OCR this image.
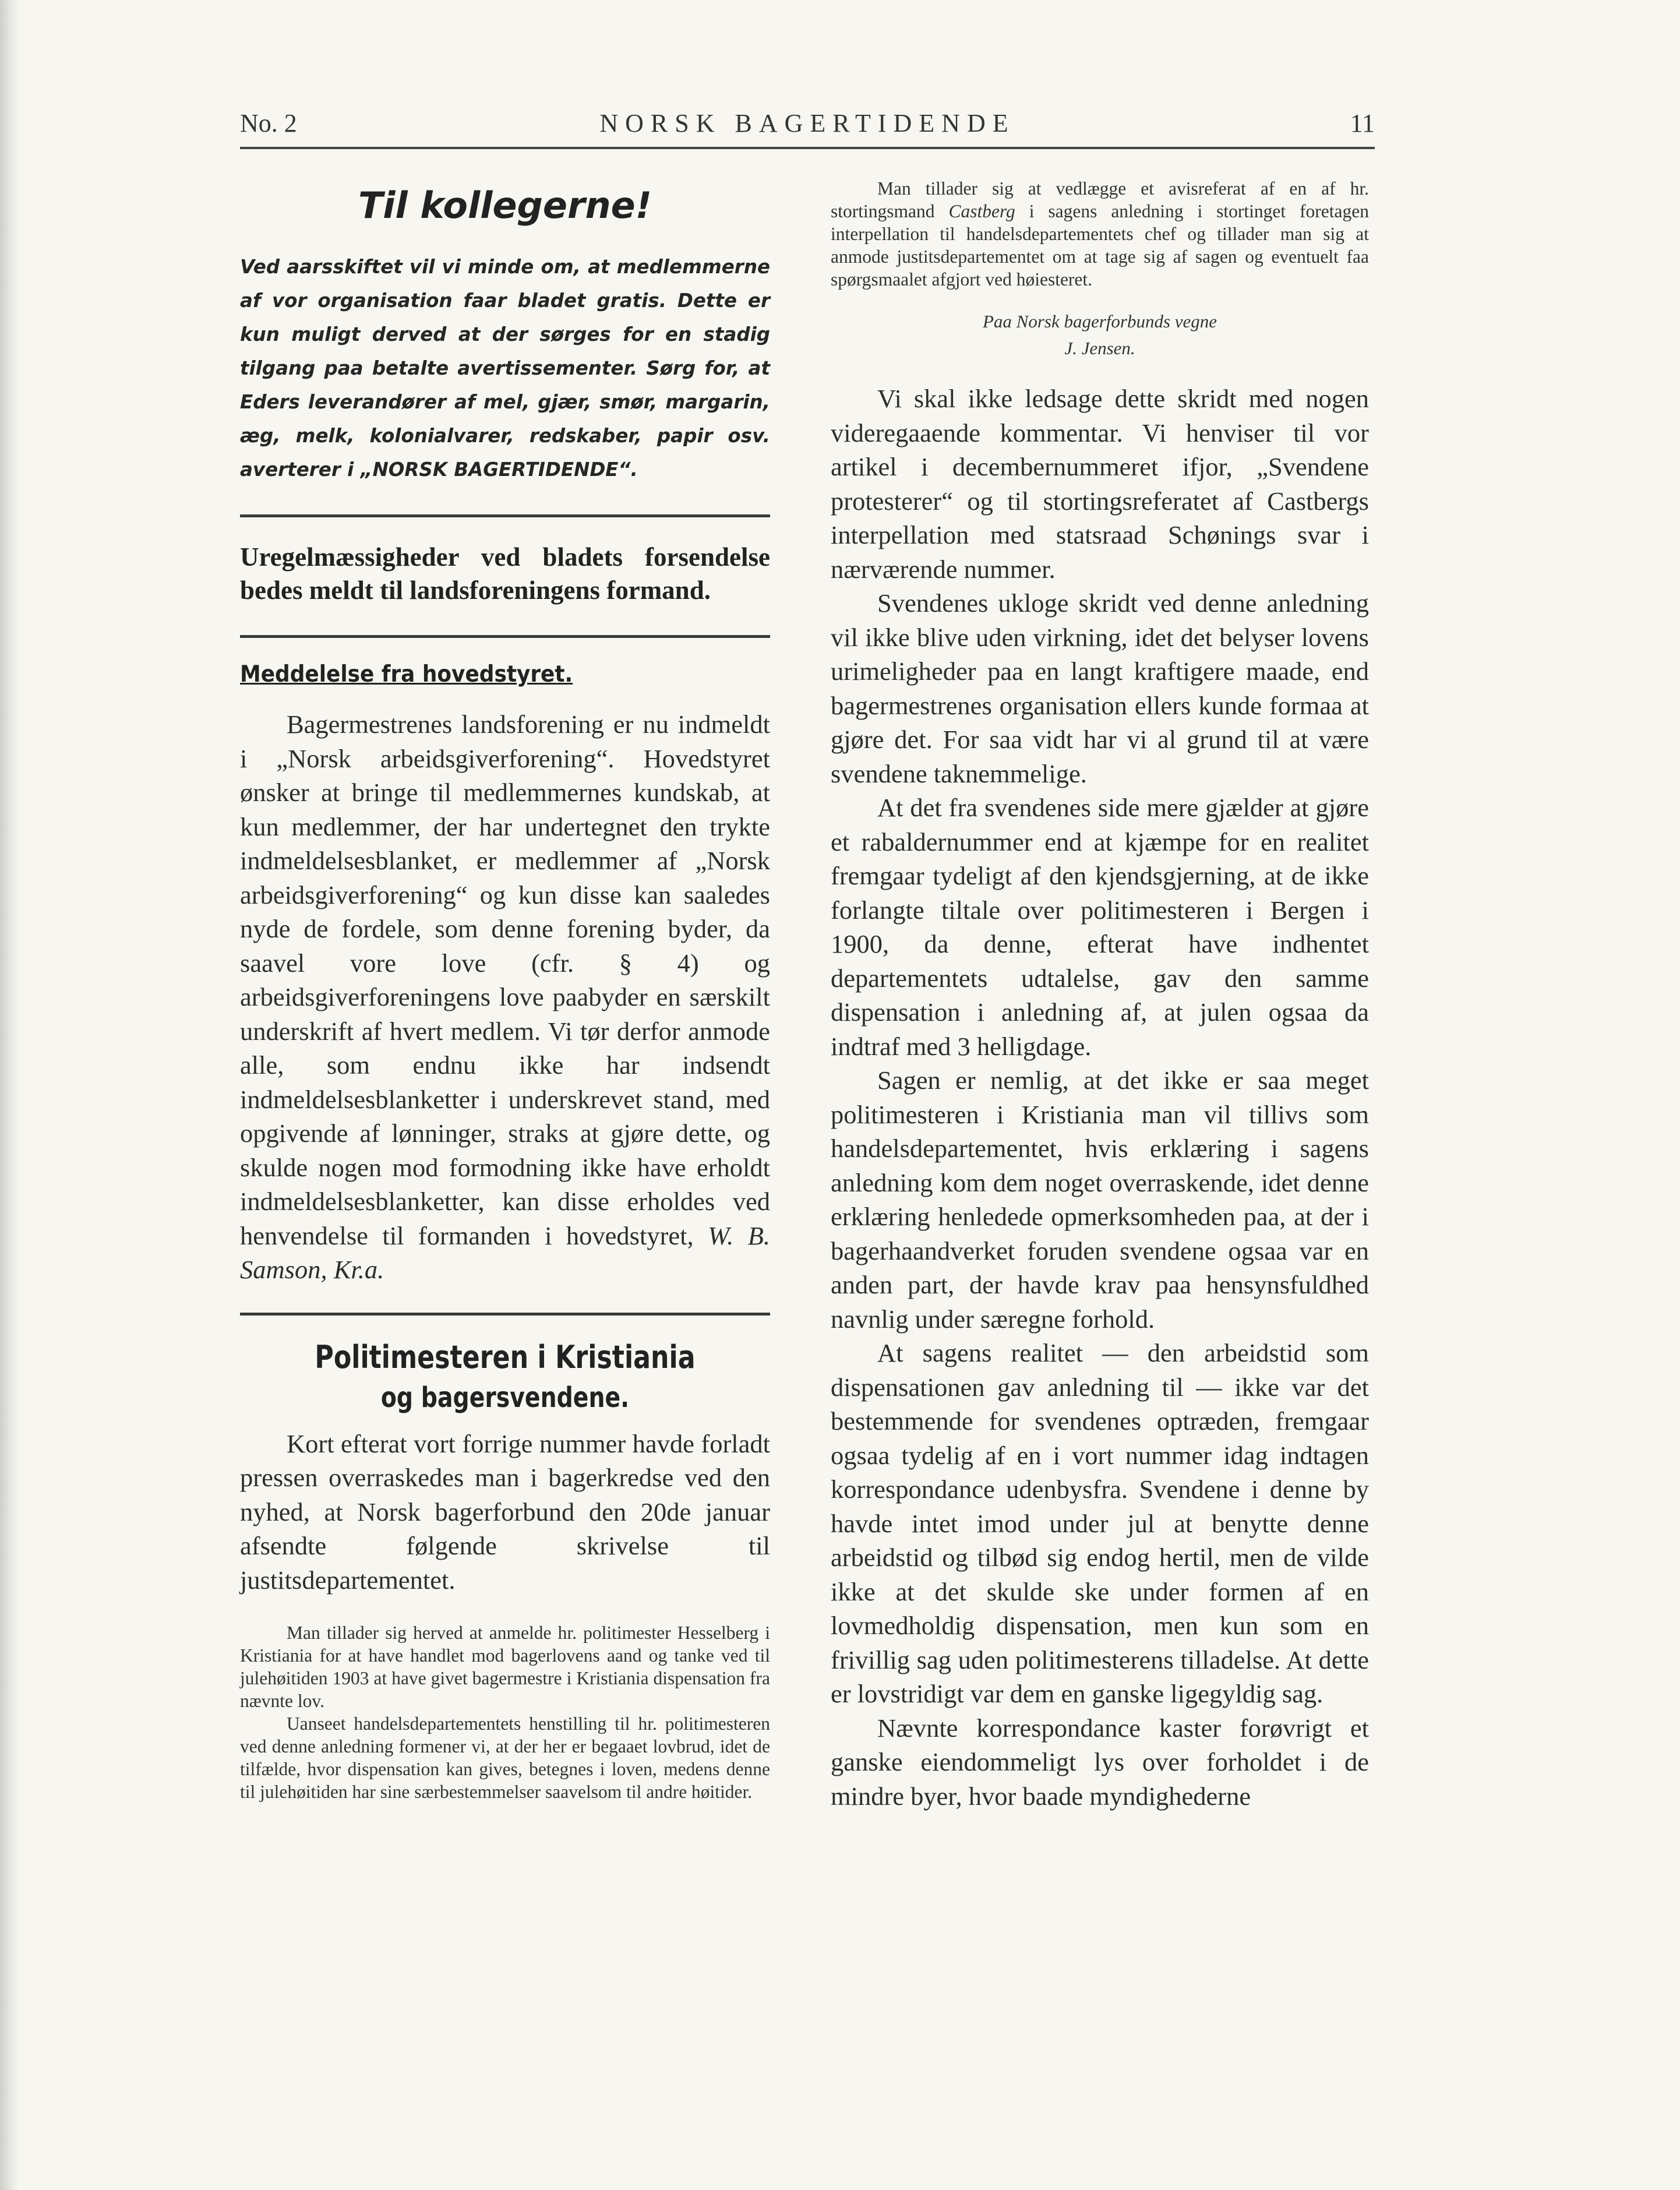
No. 2	NORSK BAGERTIDENDE	11
Til kollegerne!
Ved aarsskiftet vil vi minde om, at medlemmerne af vor organisation faar bladet gratis. Dette er kun muligt derved at der sørges for en stadig tilgang paa betalte avertissementer. Sørg for, at Eders leverandører af mel, gjær, smør, margarin, æg, melk, kolonialvarer, redskaber, papir osv. averterer i „NORSK BAGERTIDENDE“.
Uregelmæssigheder ved bladets forsendelse bedes meldt til landsforeningens formand.
Meddelelse fra hovedstyret.

Bagermestrenes landsforening er nu indmeldt i „Norsk arbeidsgiverforening“. Hovedstyret ønsker at bringe til medlemmernes kundskab, at kun medlemmer, der har undertegnet den trykte indmeldelsesblanket, er medlemmer af „Norsk arbeidsgiverforening“ og kun disse kan saaledes nyde de fordele, som denne forening byder, da saavel vore love (cfr. § 4) og arbeidsgiverforeningens love paabyder en særskilt underskrift af hvert medlem. Vi tør derfor anmode alle, som endnu ikke har indsendt indmeldelsesblanketter i underskrevet stand, med opgivende af lønninger, straks at gjøre dette, og skulde nogen mod formodning ikke have erholdt indmeldelsesblanketter, kan disse erholdes ved henvendelse til formanden i hovedstyret, W. B. Samson, Kr.a.

Politimesteren i Kristiania
og bagersvendene.

Kort efterat vort forrige nummer havde forladt pressen overraskedes man i bagerkredse ved den nyhed, at Norsk bagerforbund den 20de januar afsendte følgende skrivelse til justitsdepartementet.

Man tillader sig herved at anmelde hr. politimester Hesselberg i Kristiania for at have handlet mod bagerlovens aand og tanke ved til julehøitiden 1903 at have givet bagermestre i Kristiania dispensation fra nævnte lov.

Uanseet handelsdepartementets henstilling til hr. politimesteren ved denne anledning formener vi, at der her er begaaet lovbrud, idet de tilfælde, hvor dispensation kan gives, betegnes i loven, medens denne til julehøitiden har sine særbestemmelser saavelsom til andre høitider.

Man tillader sig at vedlægge et avisreferat af en af hr. stortingsmand Castberg i sagens anledning i stortinget foretagen interpellation til handelsdepartementets chef og tillader man sig at anmode justitsdepartementet om at tage sig af sagen og eventuelt faa spørgsmaalet afgjort ved høiesteret.

Paa Norsk bagerforbunds vegne
J. Jensen.

Vi skal ikke ledsage dette skridt med nogen videregaaende kommentar. Vi henviser til vor artikel i decembernummeret ifjor, „Svendene protesterer“ og til stortingsreferatet af Castbergs interpellation med statsraad Schønings svar i nærværende nummer.

Svendenes ukloge skridt ved denne anledning vil ikke blive uden virkning, idet det belyser lovens urimeligheder paa en langt kraftigere maade, end bagermestrenes organisation ellers kunde formaa at gjøre det. For saa vidt har vi al grund til at være svendene taknemmelige.

At det fra svendenes side mere gjælder at gjøre et rabaldernummer end at kjæmpe for en realitet fremgaar tydeligt af den kjendsgjerning, at de ikke forlangte tiltale over politimesteren i Bergen i 1900, da denne, efterat have indhentet departementets udtalelse, gav den samme dispensation i anledning af, at julen ogsaa da indtraf med 3 helligdage.

Sagen er nemlig, at det ikke er saa meget politimesteren i Kristiania man vil tillivs som handelsdepartementet, hvis erklæring i sagens anledning kom dem noget overraskende, idet denne erklæring henledede opmerksomheden paa, at der i bagerhaandverket foruden svendene ogsaa var en anden part, der havde krav paa hensynsfuldhed navnlig under særegne forhold.

At sagens realitet — den arbeidstid som dispensationen gav anledning til — ikke var det bestemmende for svendenes optræden, fremgaar ogsaa tydelig af en i vort nummer idag indtagen korrespondance udenbysfra. Svendene i denne by havde intet imod under jul at benytte denne arbeidstid og tilbød sig endog hertil, men de vilde ikke at det skulde ske under formen af en lovmedholdig dispensation, men kun som en frivillig sag uden politimesterens tilladelse. At dette er lovstridigt var dem en ganske ligegyldig sag.

Nævnte korrespondance kaster forøvrigt et ganske eiendommeligt lys over forholdet i de mindre byer, hvor baade myndighederne
